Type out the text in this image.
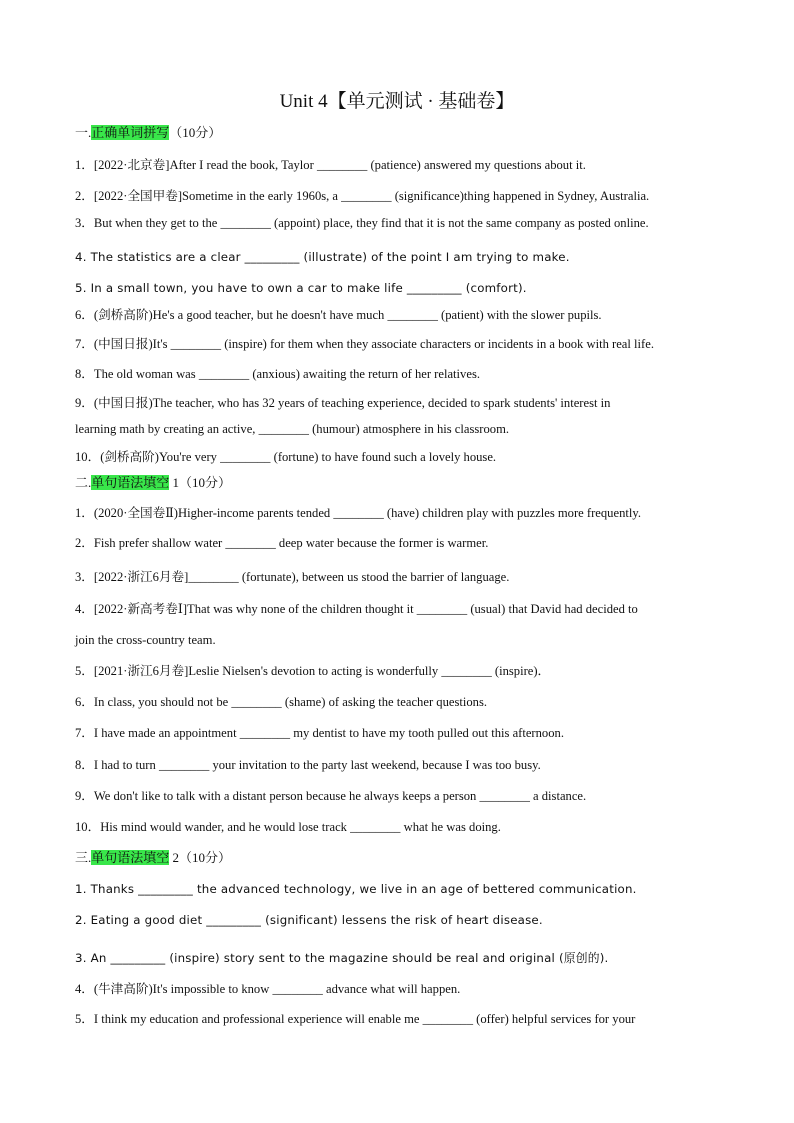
Unit 4【单元测试 · 基础卷】
一.正确单词拼写（10分）
1．[2022·北京卷]After I read the book, Taylor ________ (patience) answered my questions about it.
2．[2022·全国甲卷]Sometime in the early 1960s, a ________ (significance)thing happened in Sydney, Australia.
3．But when they get to the ________ (appoint) place, they find that it is not the same company as posted online.
4. The statistics are a clear _________ (illustrate) of the point I am trying to make.
5. In a small town, you have to own a car to make life _________ (comfort).
6．(剑桥高阶)He's a good teacher, but he doesn't have much ________ (patient) with the slower pupils.
7．(中国日报)It's ________ (inspire) for them when they associate characters or incidents in a book with real life.
8．The old woman was ________ (anxious) awaiting the return of her relatives.
9．(中国日报)The teacher, who has 32 years of teaching experience, decided to spark students' interest in
learning math by creating an active, ________ (humour) atmosphere in his classroom.
10．(剑桥高阶)You're very ________ (fortune) to have found such a lovely house.
二.单句语法填空 1（10分）
1．(2020·全国卷Ⅱ)Higher-income parents tended ________ (have) children play with puzzles more frequently.
2．Fish prefer shallow water ________ deep water because the former is warmer.
3．[2022·浙江6月卷]________ (fortunate), between us stood the barrier of language.
4．[2022·新高考卷Ⅰ]That was why none of the children thought it ________ (usual) that David had decided to
join the cross-country team.
5．[2021·浙江6月卷]Leslie Nielsen's devotion to acting is wonderfully ________ (inspire)．
6．In class, you should not be ________ (shame) of asking the teacher questions.
7．I have made an appointment ________ my dentist to have my tooth pulled out this afternoon.
8．I had to turn ________ your invitation to the party last weekend, because I was too busy.
9．We don't like to talk with a distant person because he always keeps a person ________ a distance.
10．His mind would wander, and he would lose track ________ what he was doing.
三.单句语法填空 2（10分）
1. Thanks _________ the advanced technology, we live in an age of bettered communication.
2. Eating a good diet _________ (significant) lessens the risk of heart disease.
3. An _________ (inspire) story sent to the magazine should be real and original (原创的).
4．(牛津高阶)It's impossible to know ________ advance what will happen.
5．I think my education and professional experience will enable me ________ (offer) helpful services for your
